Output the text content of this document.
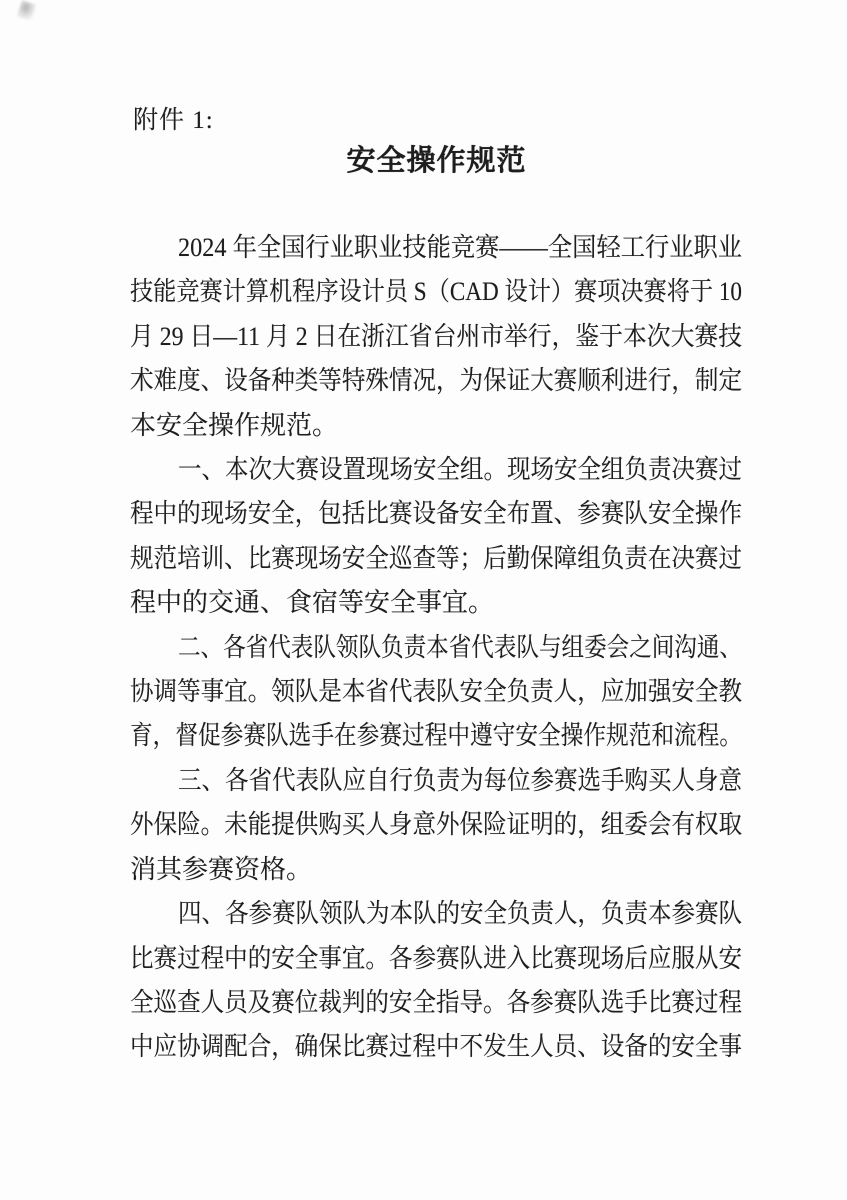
附件 1:
安全操作规范
2024 年全国行业职业技能竞赛——全国轻工行业职业
技能竞赛计算机程序设计员 S（CAD 设计）赛项决赛将于 10
月 29 日—11 月 2 日在浙江省台州市举行，鉴于本次大赛技
术难度、设备种类等特殊情况，为保证大赛顺利进行，制定
本安全操作规范。
一、本次大赛设置现场安全组。现场安全组负责决赛过
程中的现场安全，包括比赛设备安全布置、参赛队安全操作
规范培训、比赛现场安全巡查等；后勤保障组负责在决赛过
程中的交通、食宿等安全事宜。
二、各省代表队领队负责本省代表队与组委会之间沟通、
协调等事宜。领队是本省代表队安全负责人，应加强安全教
育，督促参赛队选手在参赛过程中遵守安全操作规范和流程。
三、各省代表队应自行负责为每位参赛选手购买人身意
外保险。未能提供购买人身意外保险证明的，组委会有权取
消其参赛资格。
四、各参赛队领队为本队的安全负责人，负责本参赛队
比赛过程中的安全事宜。各参赛队进入比赛现场后应服从安
全巡查人员及赛位裁判的安全指导。各参赛队选手比赛过程
中应协调配合，确保比赛过程中不发生人员、设备的安全事
